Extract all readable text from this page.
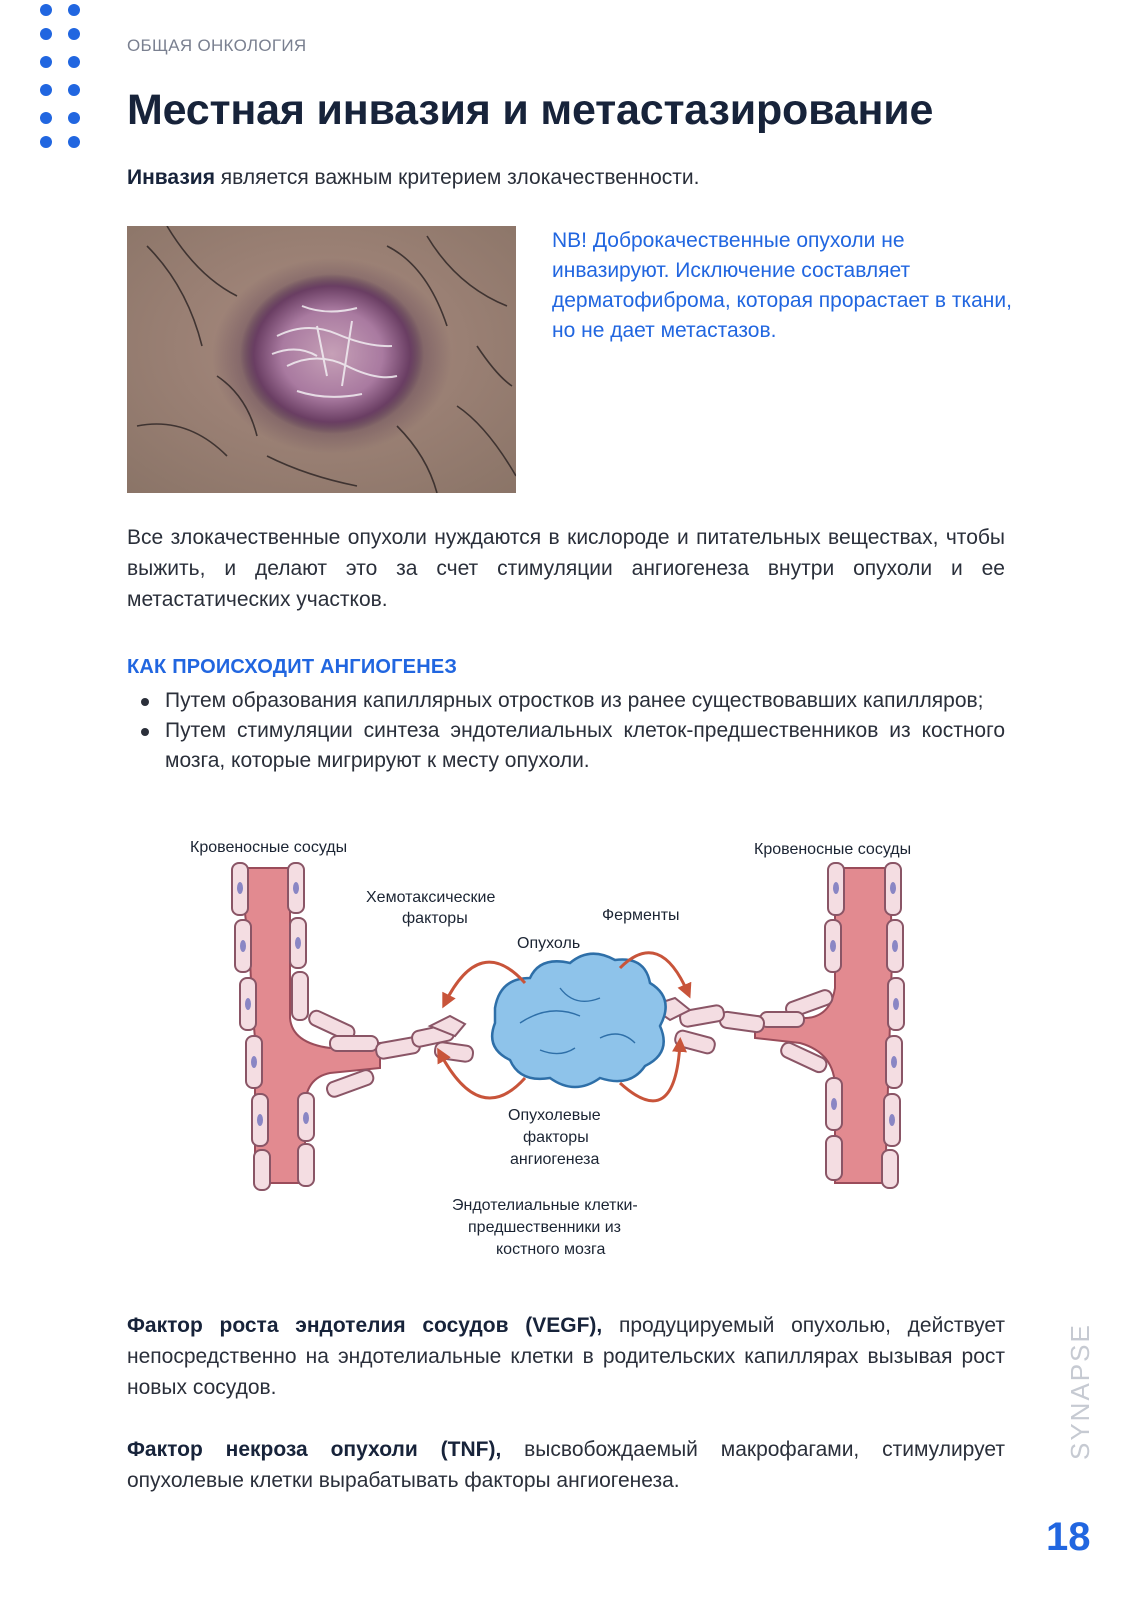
ОБЩАЯ ОНКОЛОГИЯ
Местная инвазия и метастазирование

Инвазия является важным критерием злокачественности.

NB! Доброкачественные опухоли не инвазируют. Исключение составляет дерматофиброма, которая прорастает в ткани, но не дает метастазов.

Все злокачественные опухоли нуждаются в кислороде и питательных веществах, чтобы выжить, и делают это за счет стимуляции ангиогенеза внутри опухоли и ее метастатических участков.

КАК ПРОИСХОДИТ АНГИОГЕНЕЗ
Путем образования капиллярных отростков из ранее существовавших капилляров;
Путем стимуляции синтеза эндотелиальных клеток-предшественников из костного мозга, которые мигрируют к месту опухоли.
Кровеносные сосуды	Кровеносные сосуды
Хемотаксические
факторы	Ферменты
Опухоль
Опухолевые
факторы
ангиогенеза
Эндотелиальные клетки-
предшественники из
костного мозга

Фактор роста эндотелия сосудов (VEGF), продуцируемый опухолью, действует непосредственно на эндотелиальные клетки в родительских капиллярах вызывая рост новых сосудов.

Фактор некроза опухоли (TNF), высвобождаемый макрофагами, стимулирует опухолевые клетки вырабатывать факторы ангиогенеза.

SYNAPSE
18
